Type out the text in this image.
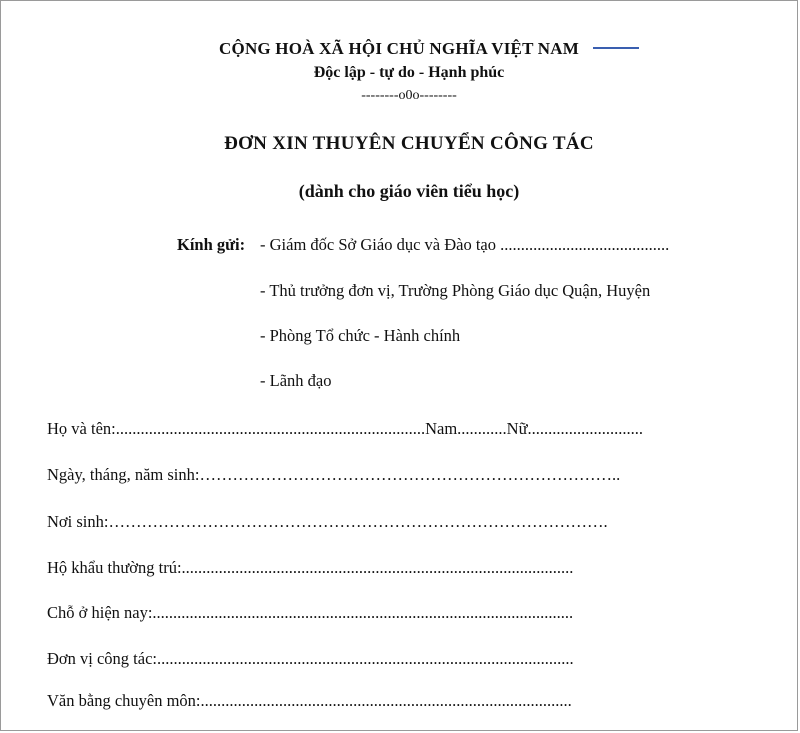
CỘNG HOÀ XÃ HỘI CHỦ NGHĨA VIỆT NAM
Độc lập - tự do - Hạnh phúc
--------o0o--------
ĐƠN XIN THUYÊN CHUYỂN CÔNG TÁC
(dành cho giáo viên tiểu học)
Kính gửi: - Giám đốc Sở Giáo dục và Đào tạo .........................................
- Thủ trưởng đơn vị, Trường Phòng Giáo dục Quận, Huyện
- Phòng Tổ chức - Hành chính
- Lãnh đạo
Họ và tên:...........................................................................Nam............Nữ............................
Ngày, tháng, năm sinh:…………………………………………………………………..
Nơi sinh:……………………………………………………………………………….
Hộ khẩu thường trú:...............................................................................................
Chỗ ở hiện nay:......................................................................................................
Đơn vị công tác:.....................................................................................................
Văn bằng chuyên môn:..........................................................................................
